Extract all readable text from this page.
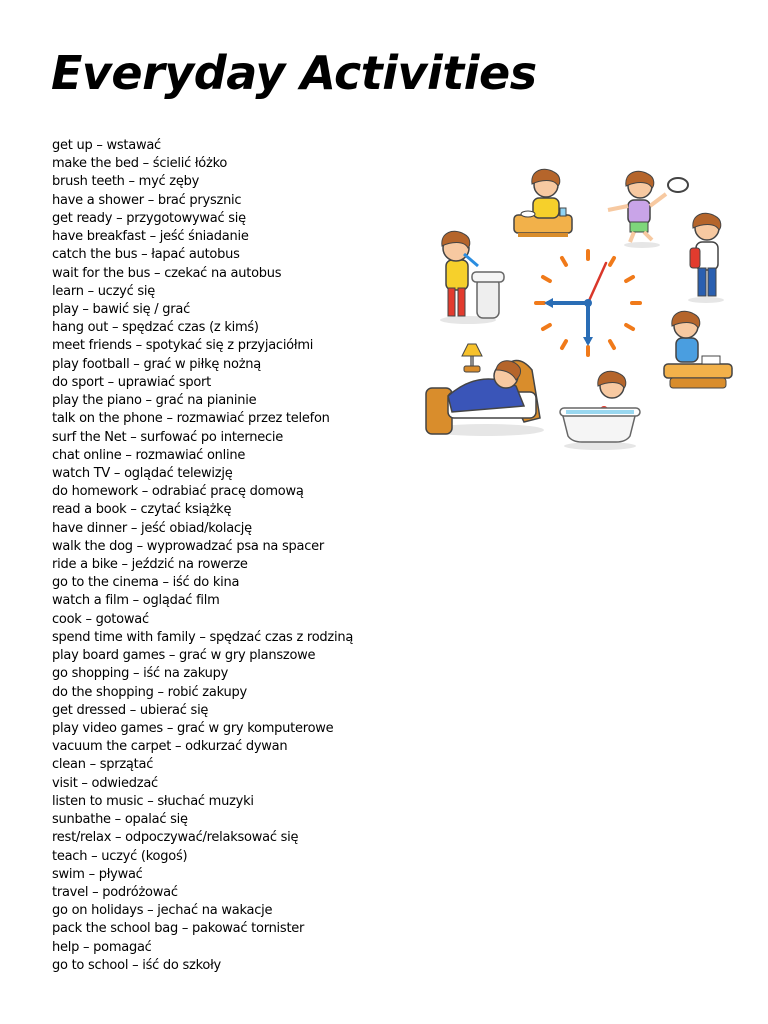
Everyday Activities
get up – wstawać
make the bed – ścielić łóżko
brush teeth – myć zęby
have a shower – brać prysznic
get ready – przygotowywać się
have breakfast – jeść śniadanie
catch the bus – łapać autobus
wait for the bus – czekać na autobus
learn – uczyć się
play – bawić się / grać
hang out – spędzać czas (z kimś)
meet friends – spotykać się z przyjaciółmi
play football – grać w piłkę nożną
do sport – uprawiać sport
play the piano – grać na pianinie
talk on the phone – rozmawiać przez telefon
surf the Net – surfować po internecie
chat online – rozmawiać online
watch TV – oglądać telewizję
do homework – odrabiać pracę domową
read a book – czytać książkę
have dinner – jeść obiad/kolację
walk the dog – wyprowadzać psa na spacer
ride a bike – jeździć na rowerze
go to the cinema – iść do kina
watch a film – oglądać film
cook – gotować
spend time with family – spędzać czas z rodziną
play board games – grać w gry planszowe
go shopping – iść na zakupy
do the shopping – robić zakupy
get dressed – ubierać się
play video games – grać w gry komputerowe
vacuum the carpet – odkurzać dywan
clean – sprzątać
visit – odwiedzać
listen to music – słuchać muzyki
sunbathe – opalać się
rest/relax – odpoczywać/relaksować się
teach – uczyć (kogoś)
swim – pływać
travel – podróżować
go on holidays – jechać na wakacje
pack the school bag – pakować tornister
help – pomagać
go to school – iść do szkoły
